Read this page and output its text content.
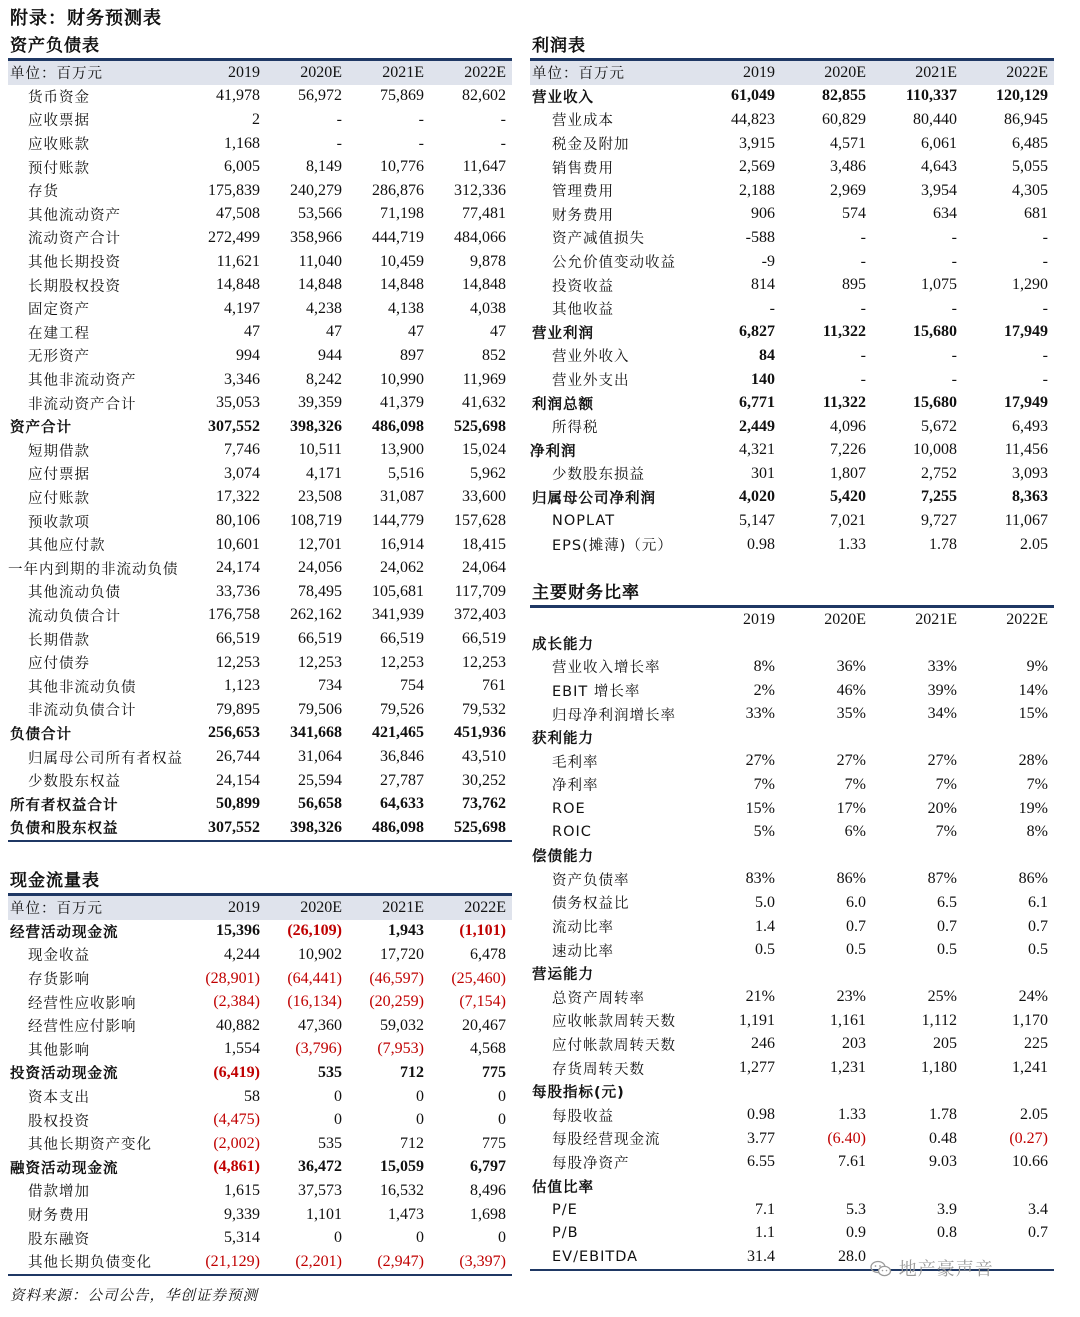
附录：财务预测表
资产负债表
单位：百万元	2019	2020E	2021E	2022E
货币资金	41,978	56,972	75,869	82,602
应收票据	2	-	-	-
应收账款	1,168	-	-	-
预付账款	6,005	8,149	10,776	11,647
存货	175,839	240,279	286,876	312,336
其他流动资产	47,508	53,566	71,198	77,481
流动资产合计	272,499	358,966	444,719	484,066
其他长期投资	11,621	11,040	10,459	9,878
长期股权投资	14,848	14,848	14,848	14,848
固定资产	4,197	4,238	4,138	4,038
在建工程	47	47	47	47
无形资产	994	944	897	852
其他非流动资产	3,346	8,242	10,990	11,969
非流动资产合计	35,053	39,359	41,379	41,632
资产合计	307,552	398,326	486,098	525,698
短期借款	7,746	10,511	13,900	15,024
应付票据	3,074	4,171	5,516	5,962
应付账款	17,322	23,508	31,087	33,600
预收款项	80,106	108,719	144,779	157,628
其他应付款	10,601	12,701	16,914	18,415
一年内到期的非流动负债	24,174	24,056	24,062	24,064
其他流动负债	33,736	78,495	105,681	117,709
流动负债合计	176,758	262,162	341,939	372,403
长期借款	66,519	66,519	66,519	66,519
应付债券	12,253	12,253	12,253	12,253
其他非流动负债	1,123	734	754	761
非流动负债合计	79,895	79,506	79,526	79,532
负债合计	256,653	341,668	421,465	451,936
归属母公司所有者权益	26,744	31,064	36,846	43,510
少数股东权益	24,154	25,594	27,787	30,252
所有者权益合计	50,899	56,658	64,633	73,762
负债和股东权益	307,552	398,326	486,098	525,698
现金流量表
单位：百万元	2019	2020E	2021E	2022E
经营活动现金流	15,396	(26,109)	1,943	(1,101)
现金收益	4,244	10,902	17,720	6,478
存货影响	(28,901)	(64,441)	(46,597)	(25,460)
经营性应收影响	(2,384)	(16,134)	(20,259)	(7,154)
经营性应付影响	40,882	47,360	59,032	20,467
其他影响	1,554	(3,796)	(7,953)	4,568
投资活动现金流	(6,419)	535	712	775
资本支出	58	0	0	0
股权投资	(4,475)	0	0	0
其他长期资产变化	(2,002)	535	712	775
融资活动现金流	(4,861)	36,472	15,059	6,797
借款增加	1,615	37,573	16,532	8,496
财务费用	9,339	1,101	1,473	1,698
股东融资	5,314	0	0	0
其他长期负债变化	(21,129)	(2,201)	(2,947)	(3,397)
利润表
单位：百万元	2019	2020E	2021E	2022E
营业收入	61,049	82,855	110,337	120,129
营业成本	44,823	60,829	80,440	86,945
税金及附加	3,915	4,571	6,061	6,485
销售费用	2,569	3,486	4,643	5,055
管理费用	2,188	2,969	3,954	4,305
财务费用	906	574	634	681
资产减值损失	-588	-	-	-
公允价值变动收益	-9	-	-	-
投资收益	814	895	1,075	1,290
其他收益	-	-	-	-
营业利润	6,827	11,322	15,680	17,949
营业外收入	84	-	-	-
营业外支出	140	-	-	-
利润总额	6,771	11,322	15,680	17,949
所得税	2,449	4,096	5,672	6,493
净利润	4,321	7,226	10,008	11,456
少数股东损益	301	1,807	2,752	3,093
归属母公司净利润	4,020	5,420	7,255	8,363
NOPLAT	5,147	7,021	9,727	11,067
EPS(摊薄)（元）	0.98	1.33	1.78	2.05
主要财务比率
	2019	2020E	2021E	2022E
成长能力				
营业收入增长率	8%	36%	33%	9%
EBIT 增长率	2%	46%	39%	14%
归母净利润增长率	33%	35%	34%	15%
获利能力				
毛利率	27%	27%	27%	28%
净利率	7%	7%	7%	7%
ROE	15%	17%	20%	19%
ROIC	5%	6%	7%	8%
偿债能力				
资产负债率	83%	86%	87%	86%
债务权益比	5.0	6.0	6.5	6.1
流动比率	1.4	0.7	0.7	0.7
速动比率	0.5	0.5	0.5	0.5
营运能力				
总资产周转率	21%	23%	25%	24%
应收帐款周转天数	1,191	1,161	1,112	1,170
应付帐款周转天数	246	203	205	225
存货周转天数	1,277	1,231	1,180	1,241
每股指标(元)				
每股收益	0.98	1.33	1.78	2.05
每股经营现金流	3.77	(6.40)	0.48	(0.27)
每股净资产	6.55	7.61	9.03	10.66
估值比率				
P/E	7.1	5.3	3.9	3.4
P/B	1.1	0.9	0.8	0.7
EV/EBITDA	31.4	28.0		
资料来源：公司公告，华创证券预测
地产豪声音
